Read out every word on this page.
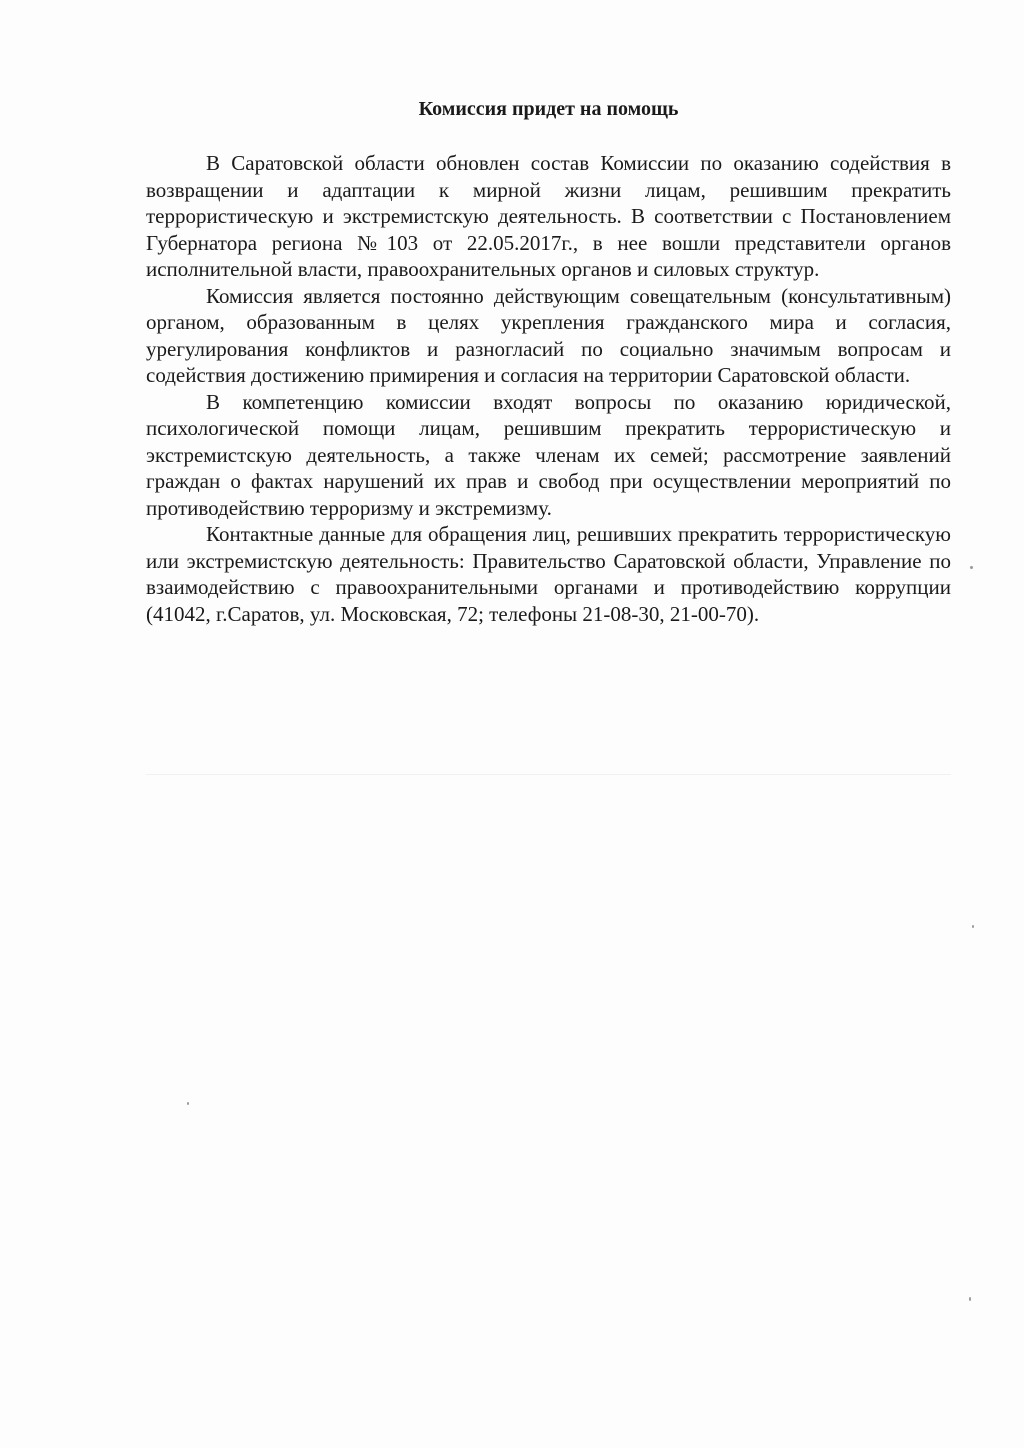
Комиссия придет на помощь

В Саратовской области обновлен состав Комиссии по оказанию содействия в возвращении и адаптации к мирной жизни лицам, решившим прекратить террористическую и экстремистскую деятельность. В соответствии с Постановлением Губернатора региона №103 от 22.05.2017г., в нее вошли представители органов исполнительной власти, правоохранительных органов и силовых структур.

Комиссия является постоянно действующим совещательным (консультативным) органом, образованным в целях укрепления гражданского мира и согласия, урегулирования конфликтов и разногласий по социально значимым вопросам и содействия достижению примирения и согласия на территории Саратовской области.

В компетенцию комиссии входят вопросы по оказанию юридической, психологической помощи лицам, решившим прекратить террористическую и экстремистскую деятельность, а также членам их семей; рассмотрение заявлений граждан о фактах нарушений их прав и свобод при осуществлении мероприятий по противодействию терроризму и экстремизму.

Контактные данные для обращения лиц, решивших прекратить террористическую или экстремистскую деятельность: Правительство Саратовской области, Управление по взаимодействию с правоохранительными органами и противодействию коррупции (41042, г.Саратов, ул. Московская, 72; телефоны 21-08-30, 21-00-70).
